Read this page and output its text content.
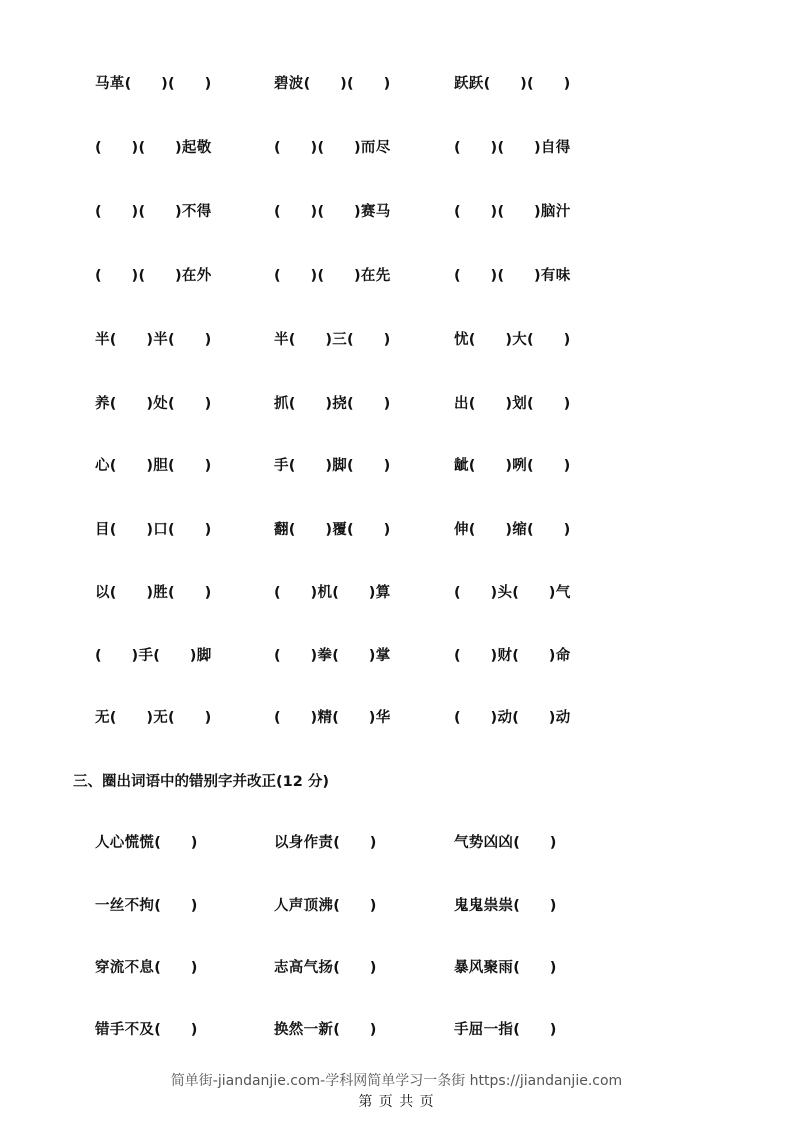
马革(　　)(　　)	碧波(　　)(　　)	跃跃(　　)(　　)
(　　)(　　)起敬	(　　)(　　)而尽	(　　)(　　)自得
(　　)(　　)不得	(　　)(　　)赛马	(　　)(　　)脑汁
(　　)(　　)在外	(　　)(　　)在先	(　　)(　　)有味
半(　　)半(　　)	半(　　)三(　　)	忧(　　)大(　　)
养(　　)处(　　)	抓(　　)挠(　　)	出(　　)划(　　)
心(　　)胆(　　)	手(　　)脚(　　)	龇(　　)咧(　　)
目(　　)口(　　)	翻(　　)覆(　　)	伸(　　)缩(　　)
以(　　)胜(　　)	(　　)机(　　)算	(　　)头(　　)气
(　　)手(　　)脚	(　　)拳(　　)掌	(　　)财(　　)命
无(　　)无(　　)	(　　)精(　　)华	(　　)动(　　)动
三、圈出词语中的错别字并改正(12 分)
人心慌慌(　　)	以身作责(　　)	气势凶凶(　　)
一丝不拘(　　)	人声顶沸(　　)	鬼鬼祟祟(　　)
穿流不息(　　)	志高气扬(　　)	暴风聚雨(　　)
错手不及(　　)	换然一新(　　)	手屈一指(　　)
简单街-jiandanjie.com-学科网简单学习一条街 https://jiandanjie.com
第 页 共 页
